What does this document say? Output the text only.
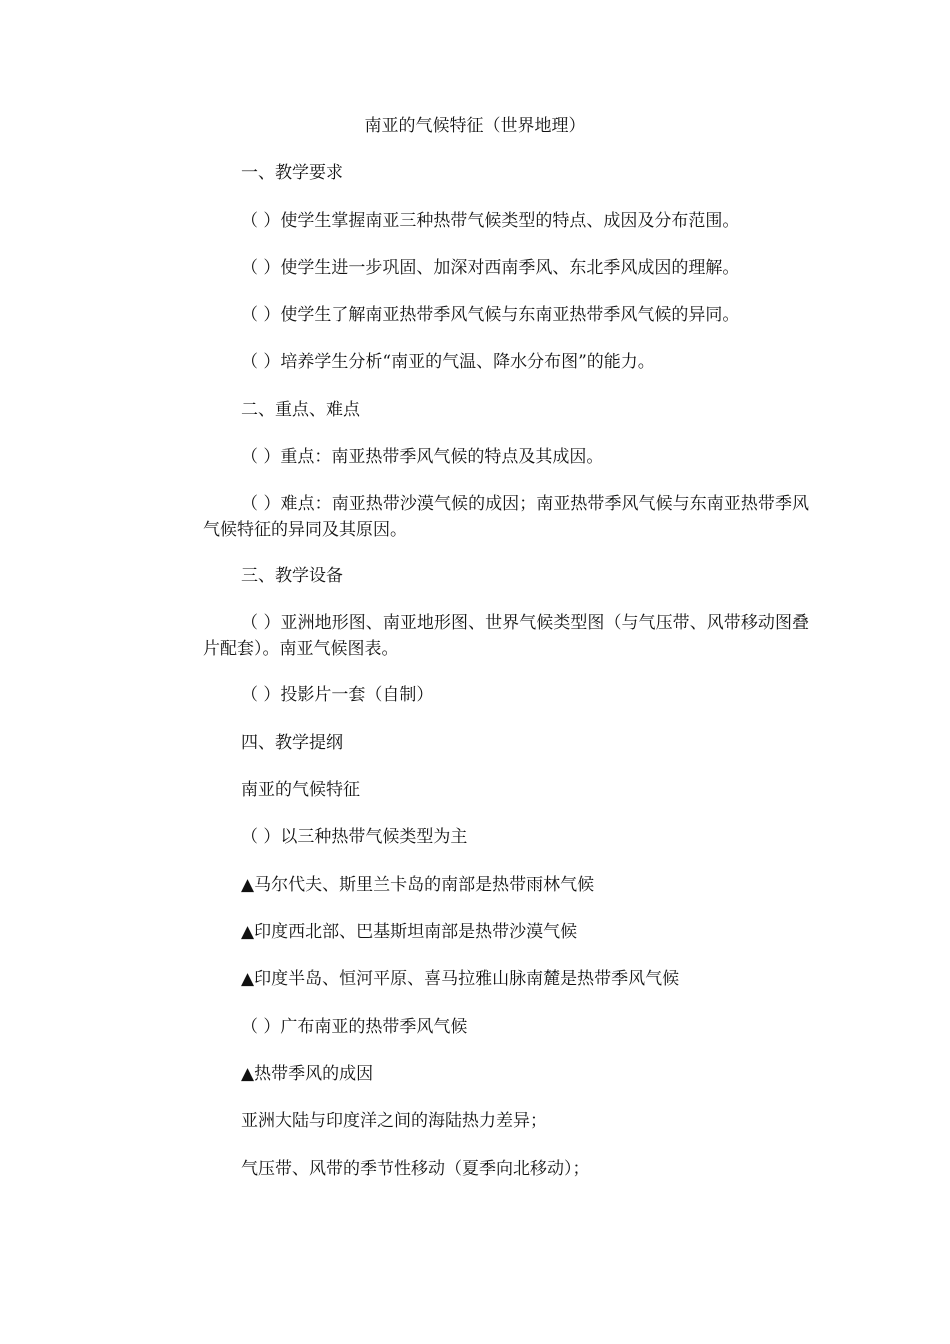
南亚的气候特征（世界地理）
一、教学要求
（ ）使学生掌握南亚三种热带气候类型的特点、成因及分布范围。
（ ）使学生进一步巩固、加深对西南季风、东北季风成因的理解。
（ ）使学生了解南亚热带季风气候与东南亚热带季风气候的异同。
（ ）培养学生分析“南亚的气温、降水分布图”的能力。
二、重点、难点
（ ）重点：南亚热带季风气候的特点及其成因。
（ ）难点：南亚热带沙漠气候的成因；南亚热带季风气候与东南亚热带季风气候特征的异同及其原因。
三、教学设备
（ ）亚洲地形图、南亚地形图、世界气候类型图（与气压带、风带移动图叠片配套）。南亚气候图表。
（ ）投影片一套（自制）
四、教学提纲
南亚的气候特征
（ ）以三种热带气候类型为主
▲马尔代夫、斯里兰卡岛的南部是热带雨林气候
▲印度西北部、巴基斯坦南部是热带沙漠气候
▲印度半岛、恒河平原、喜马拉雅山脉南麓是热带季风气候
（ ）广布南亚的热带季风气候
▲热带季风的成因
亚洲大陆与印度洋之间的海陆热力差异；
气压带、风带的季节性移动（夏季向北移动）；
